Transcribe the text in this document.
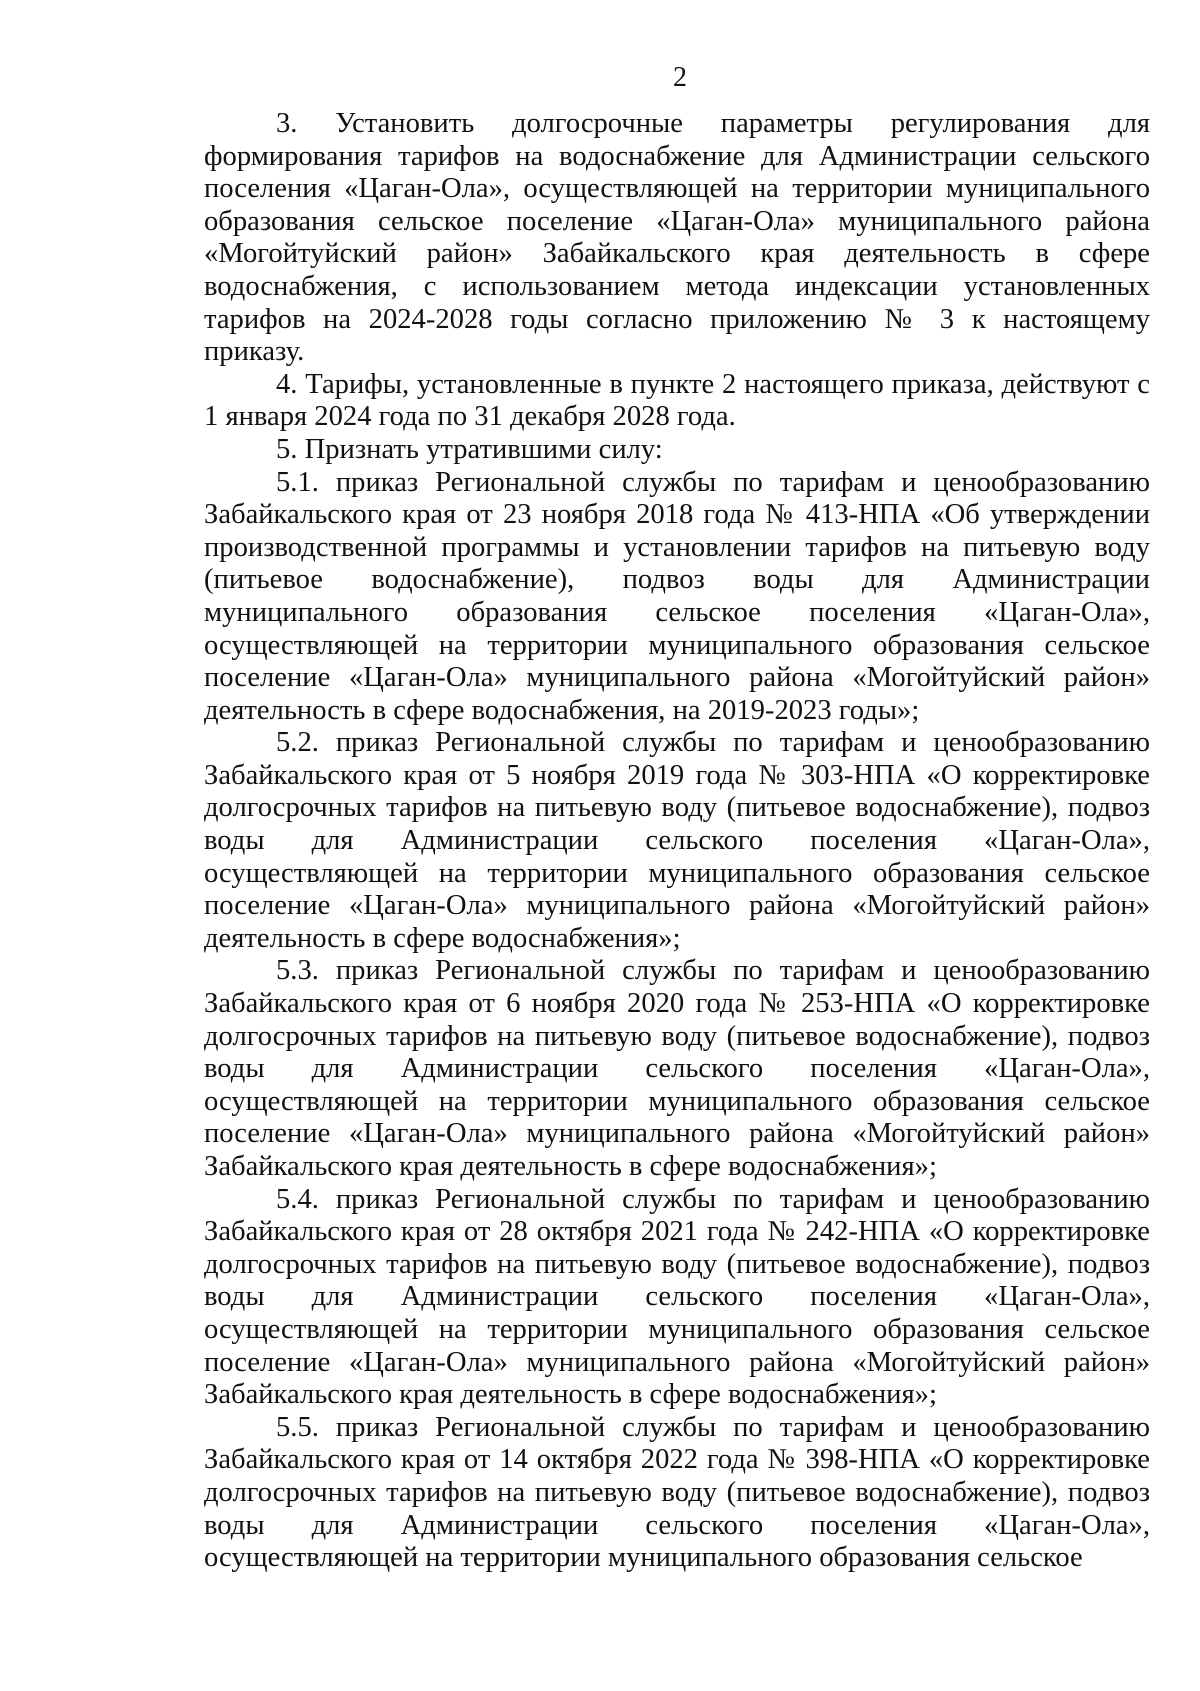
2

3. Установить долгосрочные параметры регулирования для формирования тарифов на водоснабжение для Администрации сельского поселения «Цаган-Ола», осуществляющей на территории муниципального образования сельское поселение «Цаган-Ола» муниципального района «Могойтуйский район» Забайкальского края деятельность в сфере водоснабжения, с использованием метода индексации установленных тарифов на 2024-2028 годы согласно приложению № 3 к настоящему приказу.

4. Тарифы, установленные в пункте 2 настоящего приказа, действуют с 1 января 2024 года по 31 декабря 2028 года.

5. Признать утратившими силу:

5.1. приказ Региональной службы по тарифам и ценообразованию Забайкальского края от 23 ноября 2018 года № 413-НПА «Об утверждении производственной программы и установлении тарифов на питьевую воду (питьевое водоснабжение), подвоз воды для Администрации муниципального образования сельское поселения «Цаган-Ола», осуществляющей на территории муниципального образования сельское поселение «Цаган-Ола» муниципального района «Могойтуйский район» деятельность в сфере водоснабжения, на 2019-2023 годы»;

5.2. приказ Региональной службы по тарифам и ценообразованию Забайкальского края от 5 ноября 2019 года № 303-НПА «О корректировке долгосрочных тарифов на питьевую воду (питьевое водоснабжение), подвоз воды для Администрации сельского поселения «Цаган-Ола», осуществляющей на территории муниципального образования сельское поселение «Цаган-Ола» муниципального района «Могойтуйский район» деятельность в сфере водоснабжения»;

5.3. приказ Региональной службы по тарифам и ценообразованию Забайкальского края от 6 ноября 2020 года № 253-НПА «О корректировке долгосрочных тарифов на питьевую воду (питьевое водоснабжение), подвоз воды для Администрации сельского поселения «Цаган-Ола», осуществляющей на территории муниципального образования сельское поселение «Цаган-Ола» муниципального района «Могойтуйский район» Забайкальского края деятельность в сфере водоснабжения»;

5.4. приказ Региональной службы по тарифам и ценообразованию Забайкальского края от 28 октября 2021 года № 242-НПА «О корректировке долгосрочных тарифов на питьевую воду (питьевое водоснабжение), подвоз воды для Администрации сельского поселения «Цаган-Ола», осуществляющей на территории муниципального образования сельское поселение «Цаган-Ола» муниципального района «Могойтуйский район» Забайкальского края деятельность в сфере водоснабжения»;

5.5. приказ Региональной службы по тарифам и ценообразованию Забайкальского края от 14 октября 2022 года № 398-НПА «О корректировке долгосрочных тарифов на питьевую воду (питьевое водоснабжение), подвоз воды для Администрации сельского поселения «Цаган-Ола», осуществляющей на территории муниципального образования сельское
